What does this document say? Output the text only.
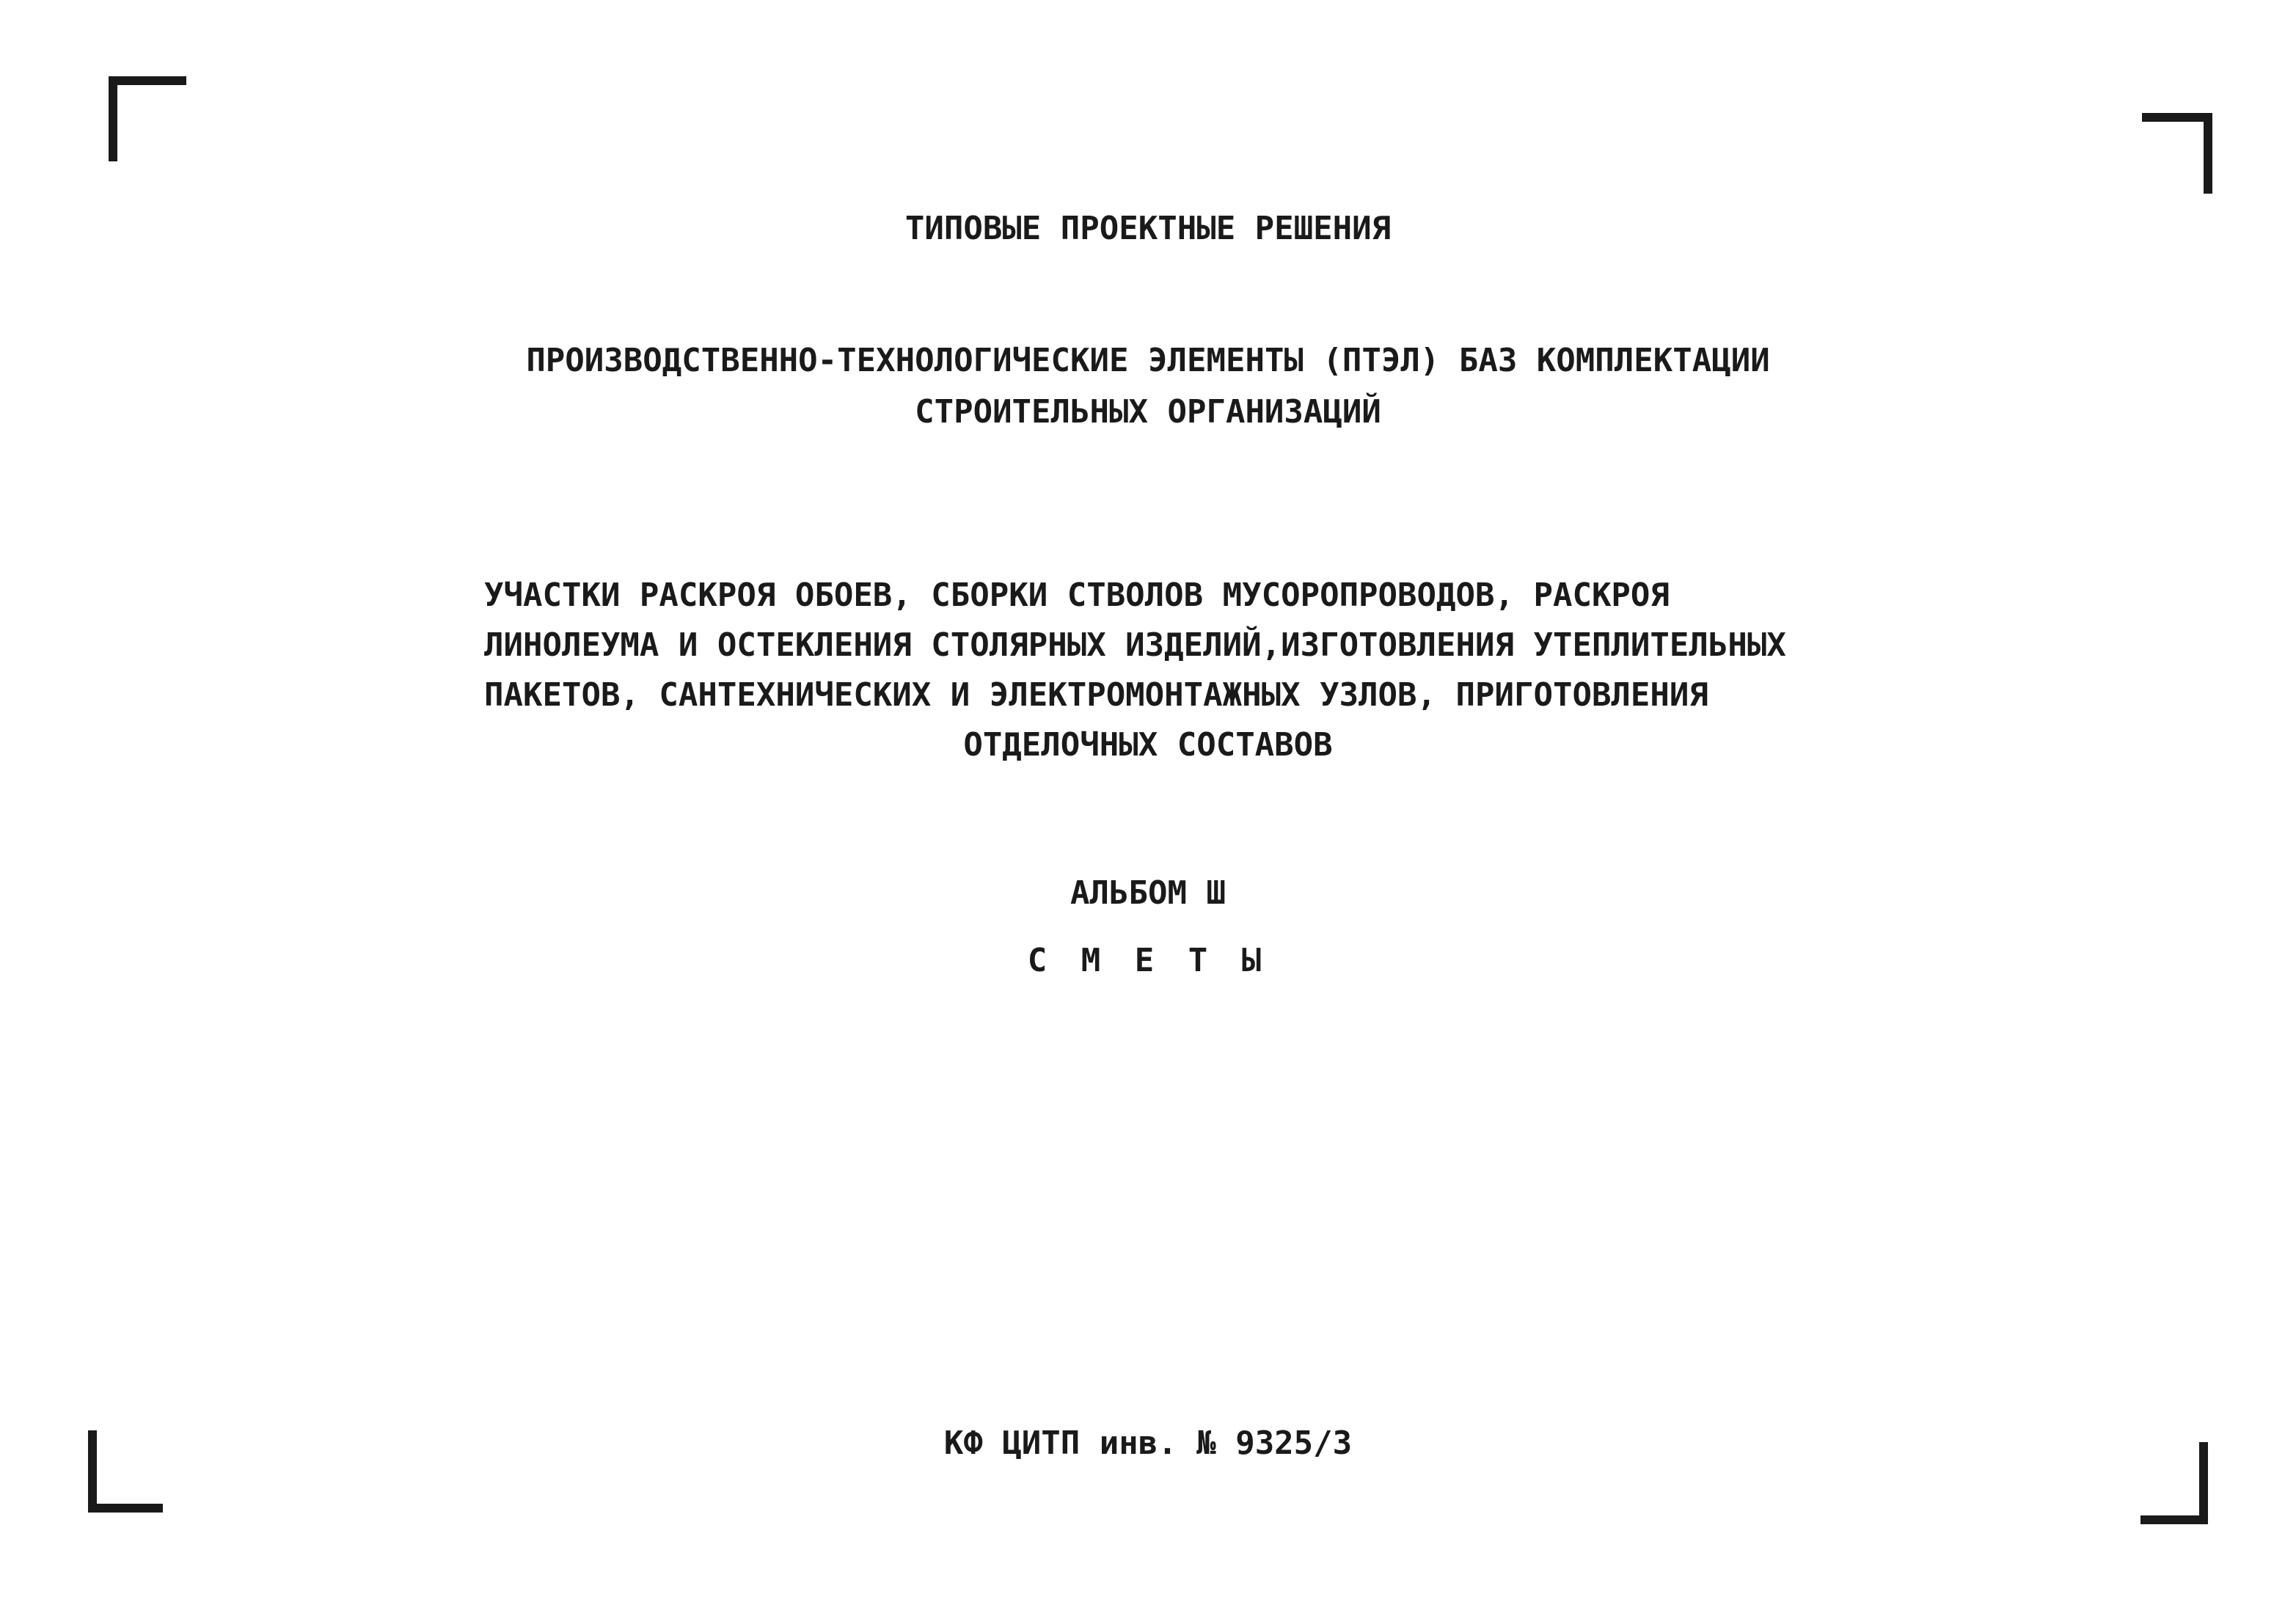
ТИПОВЫЕ ПРОЕКТНЫЕ РЕШЕНИЯ
ПРОИЗВОДСТВЕННО-ТЕХНОЛОГИЧЕСКИЕ ЭЛЕМЕНТЫ (ПТЭЛ) БАЗ КОМПЛЕКТАЦИИ
СТРОИТЕЛЬНЫХ ОРГАНИЗАЦИЙ
УЧАСТКИ РАСКРОЯ ОБОЕВ, СБОРКИ СТВОЛОВ МУСОРОПРОВОДОВ, РАСКРОЯ
ЛИНОЛЕУМА И ОСТЕКЛЕНИЯ СТОЛЯРНЫХ ИЗДЕЛИЙ,ИЗГОТОВЛЕНИЯ УТЕПЛИТЕЛЬНЫХ
ПАКЕТОВ, САНТЕХНИЧЕСКИХ И ЭЛЕКТРОМОНТАЖНЫХ УЗЛОВ, ПРИГОТОВЛЕНИЯ
ОТДЕЛОЧНЫХ СОСТАВОВ
АЛЬБОМ Ш
С М Е Т Ы
КФ ЦИТП инв. № 9325/3
